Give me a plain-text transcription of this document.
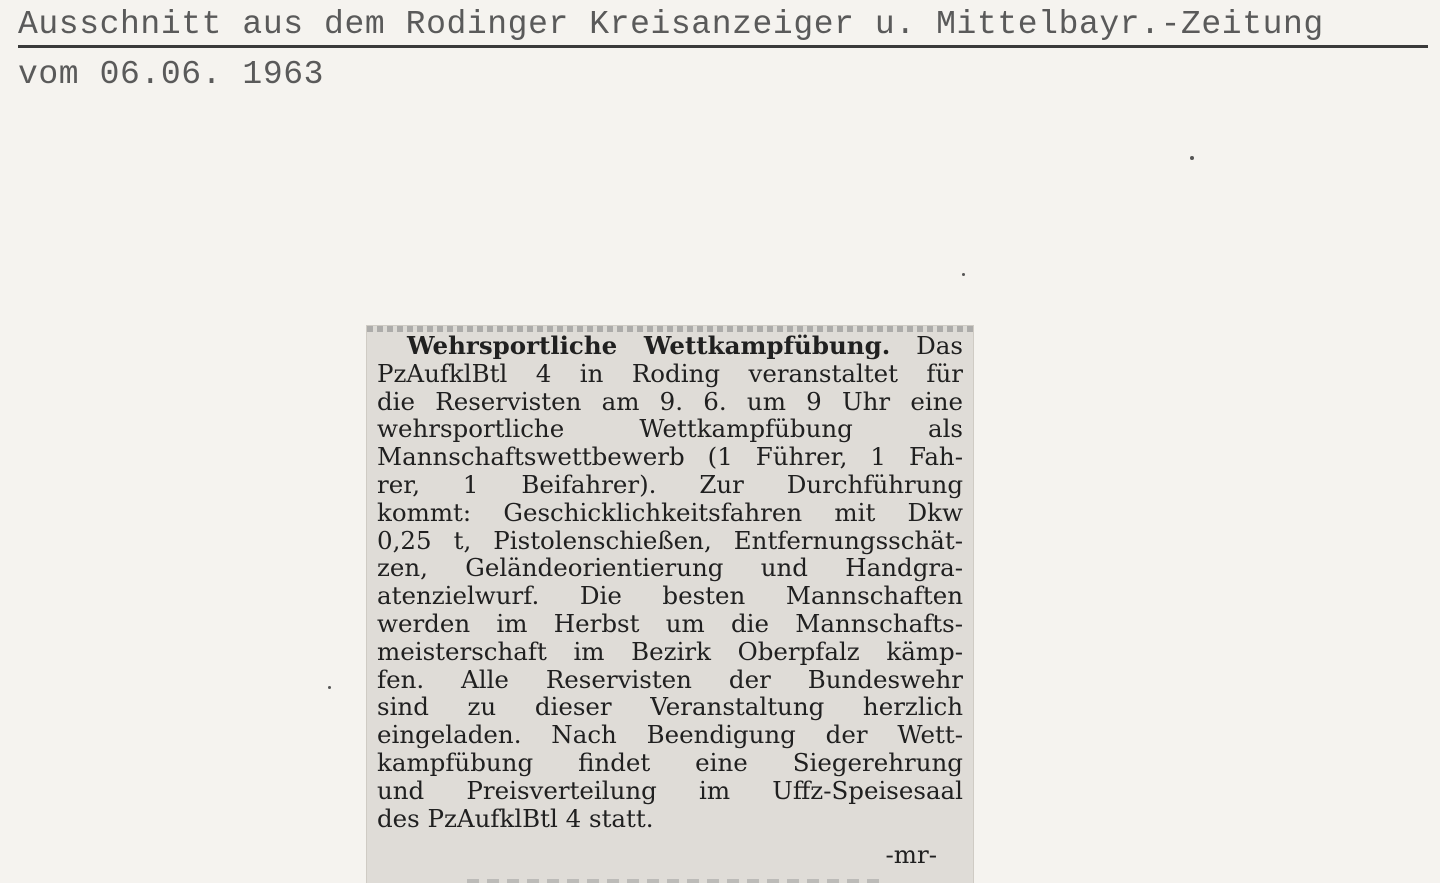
Ausschnitt aus dem Rodinger Kreisanzeiger u. Mittelbayr.-Zeitung
vom 06.06. 1963
Wehrsportliche Wettkampfübung. Das
PzAufklBtl 4 in Roding veranstaltet für
die Reservisten am 9. 6. um 9 Uhr eine
wehrsportliche Wettkampfübung als
Mannschaftswettbewerb (1 Führer, 1 Fah-
rer, 1 Beifahrer). Zur Durchführung
kommt: Geschicklichkeitsfahren mit Dkw
0,25 t, Pistolenschießen, Entfernungsschät-
zen, Geländeorientierung und Handgra-
atenzielwurf. Die besten Mannschaften
werden im Herbst um die Mannschafts-
meisterschaft im Bezirk Oberpfalz kämp-
fen. Alle Reservisten der Bundeswehr
sind zu dieser Veranstaltung herzlich
eingeladen. Nach Beendigung der Wett-
kampfübung findet eine Siegerehrung
und Preisverteilung im Uffz-Speisesaal
des PzAufklBtl 4 statt.
-mr-
